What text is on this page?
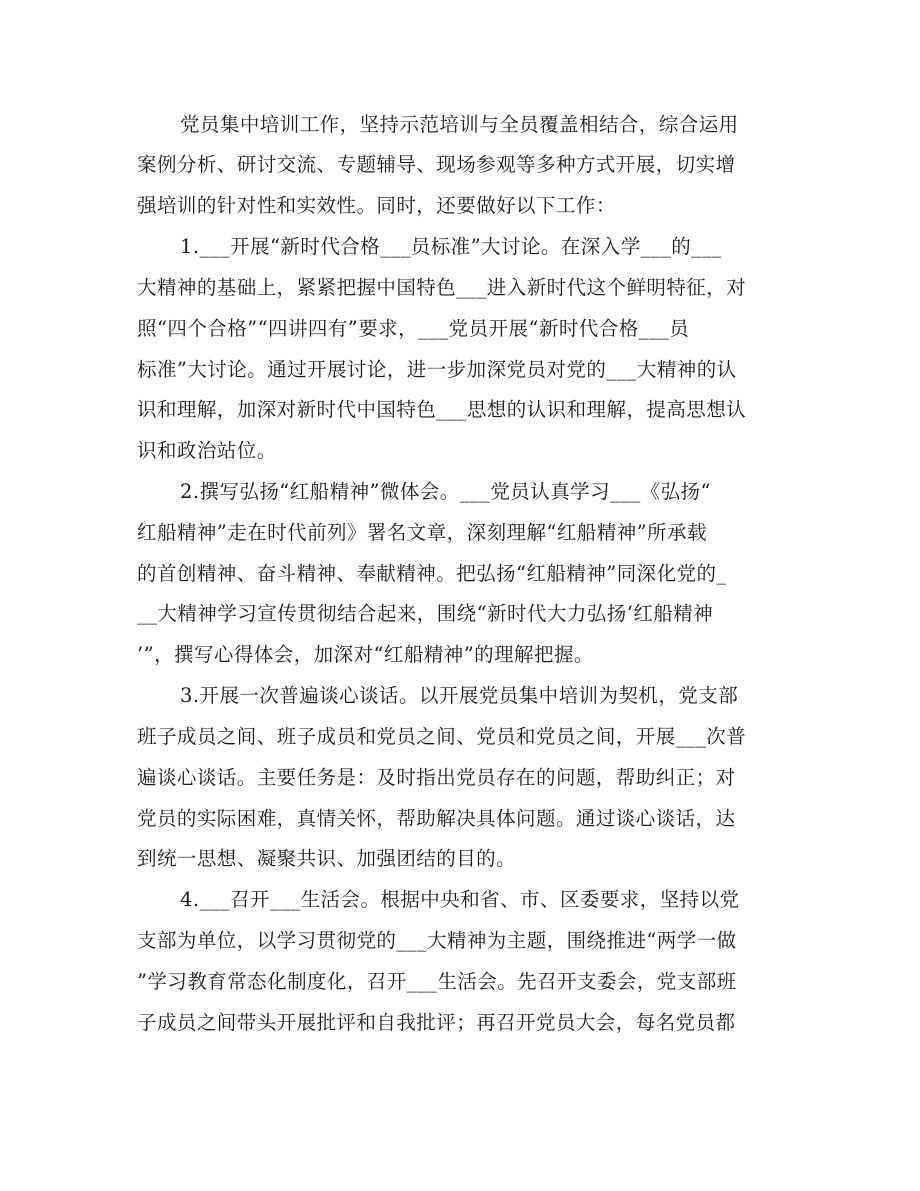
党员集中培训工作，坚持示范培训与全员覆盖相结合，综合运用
案例分析、研讨交流、专题辅导、现场参观等多种方式开展，切实增
强培训的针对性和实效性。同时，还要做好以下工作：
1.___开展“新时代合格___员标准”大讨论。在深入学___的___
大精神的基础上，紧紧把握中国特色___进入新时代这个鲜明特征，对
照“四个合格”“四讲四有”要求，___党员开展“新时代合格___员
标准”大讨论。通过开展讨论，进一步加深党员对党的___大精神的认
识和理解，加深对新时代中国特色___思想的认识和理解，提高思想认
识和政治站位。
2.撰写弘扬“红船精神”微体会。___党员认真学习___《弘扬“
红船精神”走在时代前列》署名文章，深刻理解“红船精神”所承载
的首创精神、奋斗精神、奉献精神。把弘扬“红船精神”同深化党的_
__大精神学习宣传贯彻结合起来，围绕“新时代大力弘扬‘红船精神
’”，撰写心得体会，加深对“红船精神”的理解把握。
3.开展一次普遍谈心谈话。以开展党员集中培训为契机，党支部
班子成员之间、班子成员和党员之间、党员和党员之间，开展___次普
遍谈心谈话。主要任务是：及时指出党员存在的问题，帮助纠正；对
党员的实际困难，真情关怀，帮助解决具体问题。通过谈心谈话，达
到统一思想、凝聚共识、加强团结的目的。
4.___召开___生活会。根据中央和省、市、区委要求，坚持以党
支部为单位，以学习贯彻党的___大精神为主题，围绕推进“两学一做
”学习教育常态化制度化，召开___生活会。先召开支委会，党支部班
子成员之间带头开展批评和自我批评；再召开党员大会，每名党员都
